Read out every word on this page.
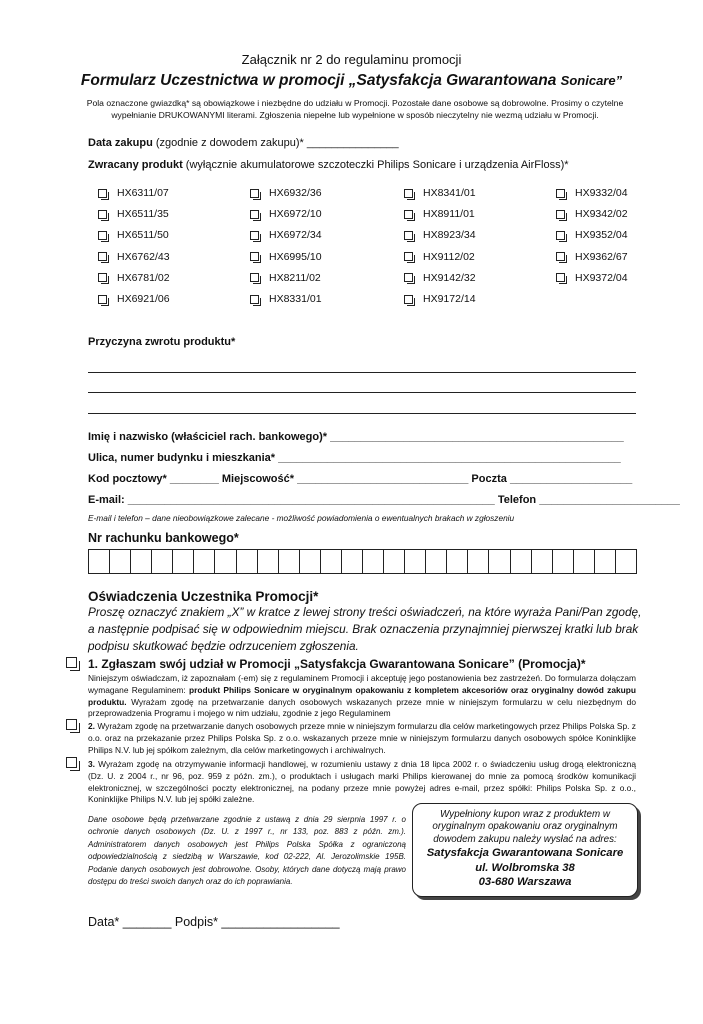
Załącznik nr 2 do regulaminu promocji
Formularz Uczestnictwa w promocji „Satysfakcja Gwarantowana Sonicare”
Pola oznaczone gwiazdką* są obowiązkowe i niezbędne do udziału w Promocji. Pozostałe dane osobowe są dobrowolne. Prosimy o czytelne
wypełnianie DRUKOWANYMI literami. Zgłoszenia niepełne lub wypełnione w sposób nieczytelny nie wezmą udziału w Promocji.
Data zakupu (zgodnie z dowodem zakupu)* _______________
Zwracany produkt (wyłącznie akumulatorowe szczoteczki Philips Sonicare i urządzenia AirFloss)*
HX6311/07
HX6511/35
HX6511/50
HX6762/43
HX6781/02
HX6921/06
HX6932/36
HX6972/10
HX6972/34
HX6995/10
HX8211/02
HX8331/01
HX8341/01
HX8911/01
HX8923/34
HX9112/02
HX9142/32
HX9172/14
HX9332/04
HX9342/02
HX9352/04
HX9362/67
HX9372/04
Przyczyna zwrotu produktu*
Imię i nazwisko (właściciel rach. bankowego)* ________________________________________________
Ulica, numer budynku i mieszkania* ________________________________________________________
Kod pocztowy* ________ Miejscowość* ____________________________ Poczta ____________________
E-mail: ____________________________________________________________ Telefon _______________________
E-mail i telefon – dane nieobowiązkowe zalecane - możliwość powiadomienia o ewentualnych brakach w zgłoszeniu
Nr rachunku bankowego*
Oświadczenia Uczestnika Promocji*
Proszę oznaczyć znakiem „X” w kratce z lewej strony treści oświadczeń, na które wyraża Pani/Pan zgodę, a następnie podpisać się w odpowiednim miejscu. Brak oznaczenia przynajmniej pierwszej kratki lub brak podpisu skutkować będzie odrzuceniem zgłoszenia.
1. Zgłaszam swój udział w Promocji „Satysfakcja Gwarantowana Sonicare” (Promocja)*
Niniejszym oświadczam, iż zapoznałam (-em) się z regulaminem Promocji i akceptuję jego postanowienia bez zastrzeżeń. Do formularza dołączam wymagane Regulaminem: produkt Philips Sonicare w oryginalnym opakowaniu z kompletem akcesoriów oraz oryginalny dowód zakupu produktu. Wyrażam zgodę na przetwarzanie danych osobowych wskazanych przeze mnie w niniejszym formularzu w celu niezbędnym do przeprowadzenia Programu i mojego w nim udziału, zgodnie z jego Regulaminem
2. Wyrażam zgodę na przetwarzanie danych osobowych przeze mnie w niniejszym formularzu dla celów marketingowych przez Philips Polska Sp. z o.o. oraz na przekazanie przez Philips Polska Sp. z o.o. wskazanych przeze mnie w niniejszym formularzu danych osobowych spółce Koninklijke Philips N.V. lub jej spółkom zależnym, dla celów marketingowych i archiwalnych.
3. Wyrażam zgodę na otrzymywanie informacji handlowej, w rozumieniu ustawy z dnia 18 lipca 2002 r. o świadczeniu usług drogą elektroniczną (Dz. U. z 2004 r., nr 96, poz. 959 z późn. zm.), o produktach i usługach marki Philips kierowanej do mnie za pomocą środków komunikacji elektronicznej, w szczególności poczty elektronicznej, na podany przeze mnie powyżej adres e-mail, przez spółki: Philips Polska Sp. z o.o., Koninklijke Philips N.V. lub jej spółki zależne.
Dane osobowe będą przetwarzane zgodnie z ustawą z dnia 29 sierpnia 1997 r. o ochronie danych osobowych (Dz. U. z 1997 r., nr 133, poz. 883 z późn. zm.). Administratorem danych osobowych jest Philips Polska Spółka z ograniczoną odpowiedzialnością z siedzibą w Warszawie, kod 02-222, Al. Jerozolimskie 195B. Podanie danych osobowych jest dobrowolne. Osoby, których dane dotyczą mają prawo dostępu do treści swoich danych oraz do ich poprawiania.
Wypełniony kupon wraz z produktem w
oryginalnym opakowaniu oraz oryginalnym
dowodem zakupu należy wysłać na adres:
Satysfakcja Gwarantowana Sonicare
ul. Wolbromska 38
03-680 Warszawa
Data* _______ Podpis* _________________
